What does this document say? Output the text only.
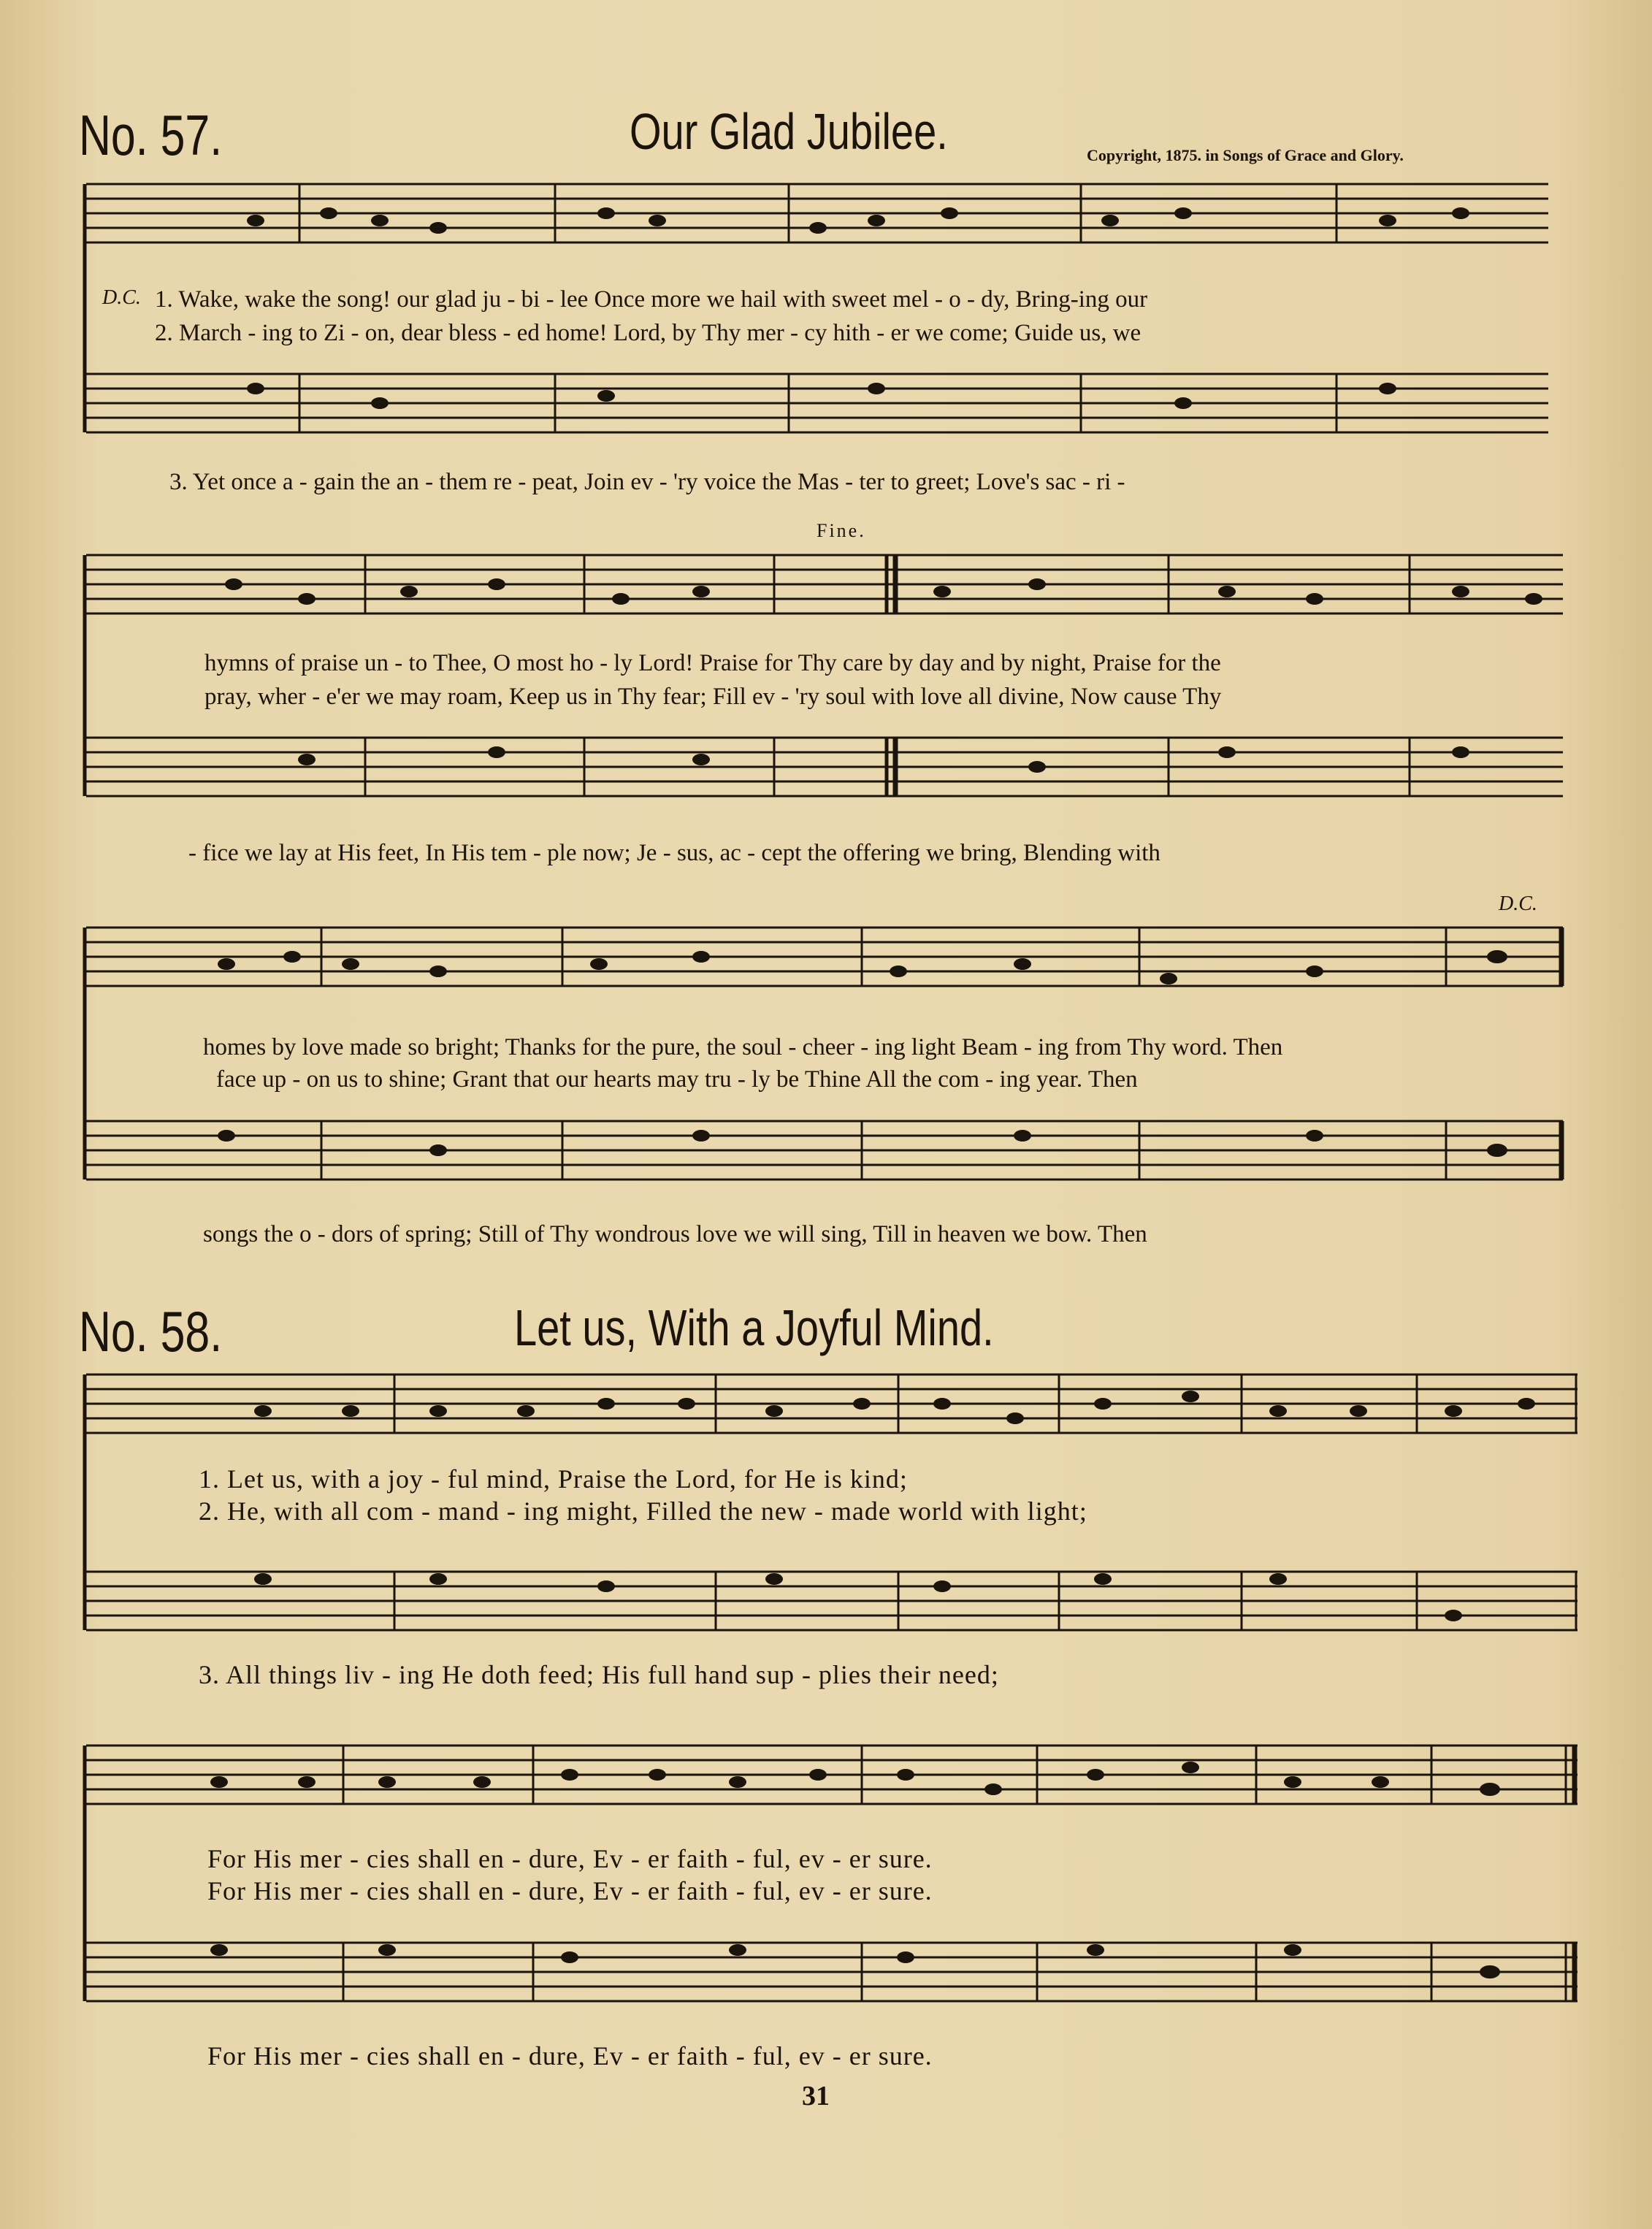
No. 57.	Our Glad Jubilee.	Copyright, 1875. in Songs of Grace and Glory.
D.C. 1. Wake, wake the song! our glad ju - bi - lee Once more we hail with sweet mel - o - dy, Bring-ing our
2. March - ing to Zi - on, dear bless - ed home! Lord, by Thy mer - cy hith - er we come; Guide us, we
3. Yet once a - gain the an - them re - peat, Join ev - 'ry voice the Mas - ter to greet; Love's sac - ri -
Fine.
hymns of praise un - to Thee, O most ho - ly Lord! Praise for Thy care by day and by night, Praise for the
pray, wher - e'er we may roam, Keep us in Thy fear; Fill ev - 'ry soul with love all divine, Now cause Thy
- fice we lay at His feet, In His tem - ple now; Je - sus, ac - cept the offering we bring, Blending with
D.C.
homes by love made so bright; Thanks for the pure, the soul - cheer - ing light Beam - ing from Thy word. Then
face up - on us to shine; Grant that our hearts may tru - ly be Thine All the com - ing year. Then
songs the o - dors of spring; Still of Thy wondrous love we will sing, Till in heaven we bow. Then
No. 58.	Let us, With a Joyful Mind.
1. Let us, with a joy - ful mind, Praise the Lord, for He is kind;
2. He, with all com - mand - ing might, Filled the new - made world with light;
3. All things liv - ing He doth feed; His full hand sup - plies their need;
For His mer - cies shall en - dure, Ev - er faith - ful, ev - er sure.
For His mer - cies shall en - dure, Ev - er faith - ful, ev - er sure.
For His mer - cies shall en - dure, Ev - er faith - ful, ev - er sure.
31
